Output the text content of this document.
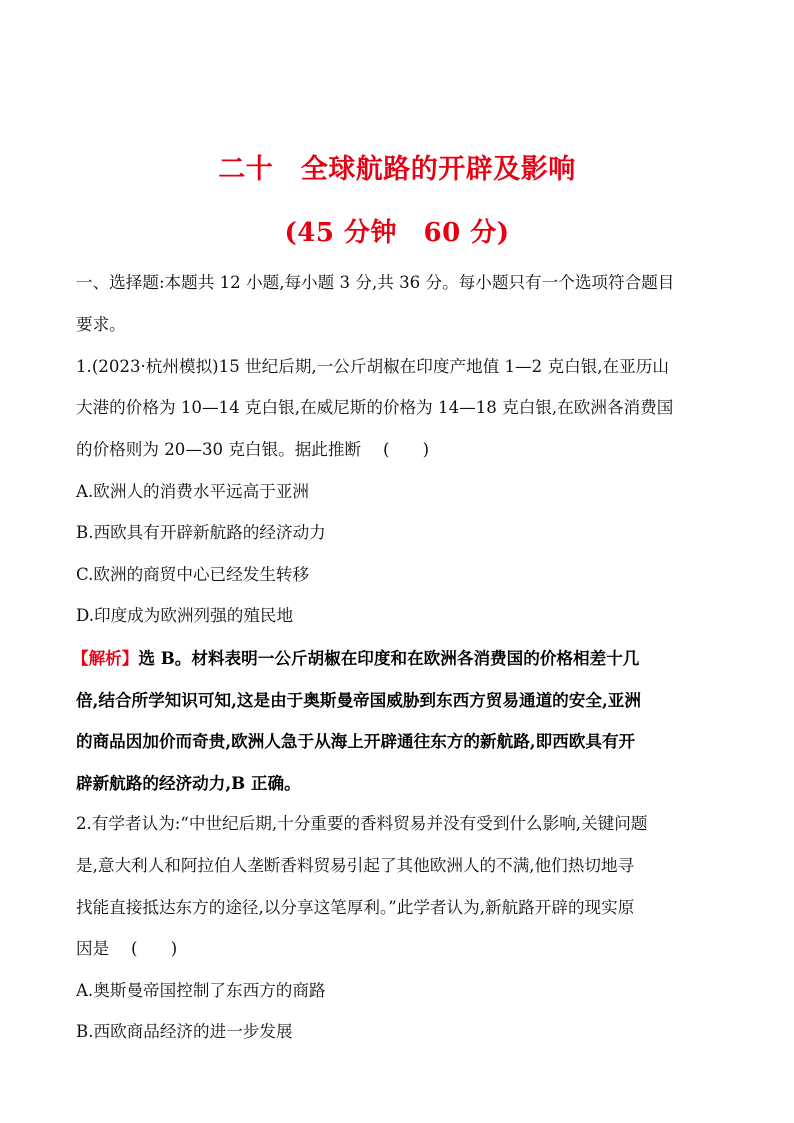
二十　全球航路的开辟及影响
(45 分钟　60 分)
一、选择题:本题共 12 小题,每小题 3 分,共 36 分。每小题只有一个选项符合题目
要求。
1.(2023·杭州模拟)15 世纪后期,一公斤胡椒在印度产地值 1—2 克白银,在亚历山
大港的价格为 10—14 克白银,在威尼斯的价格为 14—18 克白银,在欧洲各消费国
的价格则为 20—30 克白银。据此推断　 (　　)
A.欧洲人的消费水平远高于亚洲
B.西欧具有开辟新航路的经济动力
C.欧洲的商贸中心已经发生转移
D.印度成为欧洲列强的殖民地
【解析】选 B。材料表明一公斤胡椒在印度和在欧洲各消费国的价格相差十几
倍,结合所学知识可知,这是由于奥斯曼帝国威胁到东西方贸易通道的安全,亚洲
的商品因加价而奇贵,欧洲人急于从海上开辟通往东方的新航路,即西欧具有开
辟新航路的经济动力,B 正确。
2.有学者认为:“中世纪后期,十分重要的香料贸易并没有受到什么影响,关键问题
是,意大利人和阿拉伯人垄断香料贸易引起了其他欧洲人的不满,他们热切地寻
找能直接抵达东方的途径,以分享这笔厚利。”此学者认为,新航路开辟的现实原
因是　 (　　)
A.奥斯曼帝国控制了东西方的商路
B.西欧商品经济的进一步发展
